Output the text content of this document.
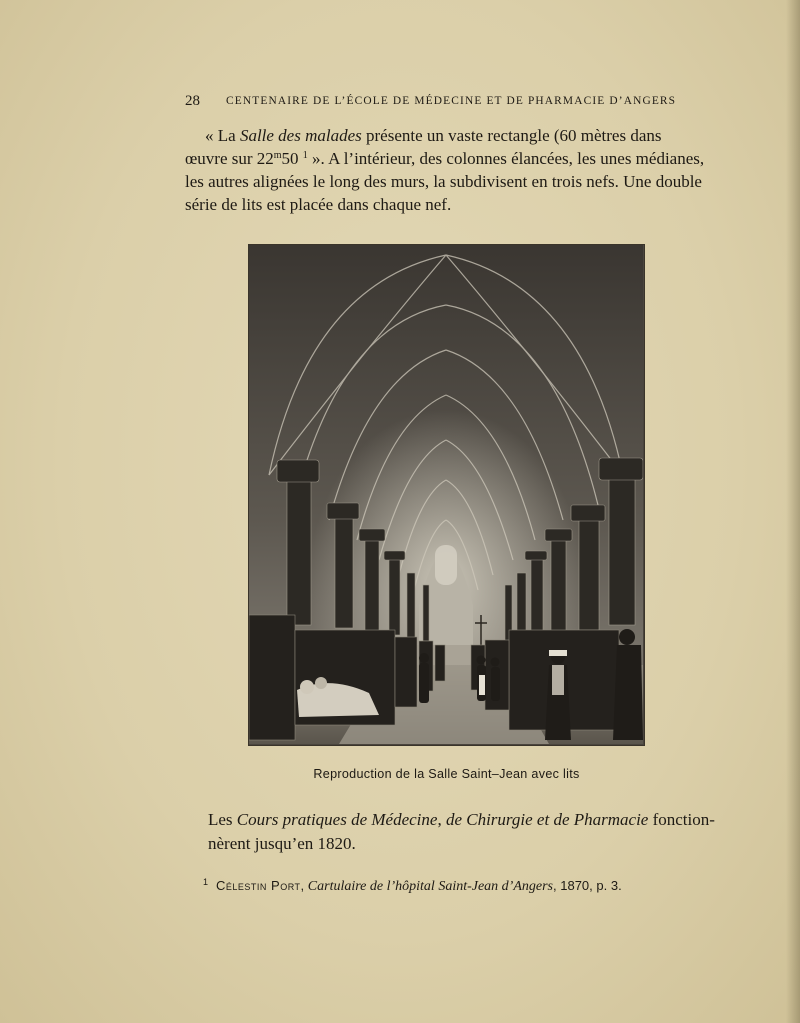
28 CENTENAIRE DE L’ÉCOLE DE MÉDECINE ET DE PHARMACIE D’ANGERS
« La Salle des malades présente un vaste rectangle (60 mètres dans
œuvre sur 22$^m$50 $^1$ ». A l’intérieur, des colonnes élancées, les unes médianes,
les autres alignées le long des murs, la subdivisent en trois nefs. Une double
série de lits est placée dans chaque nef.
Reproduction de la Salle Saint–Jean avec lits
Les Cours pratiques de Médecine, de Chirurgie et de Pharmacie fonction-
nèrent jusqu’en 1820.
$^1$ Célestin Port, Cartulaire de l’hôpital Saint-Jean d’Angers, 1870, p. 3.
